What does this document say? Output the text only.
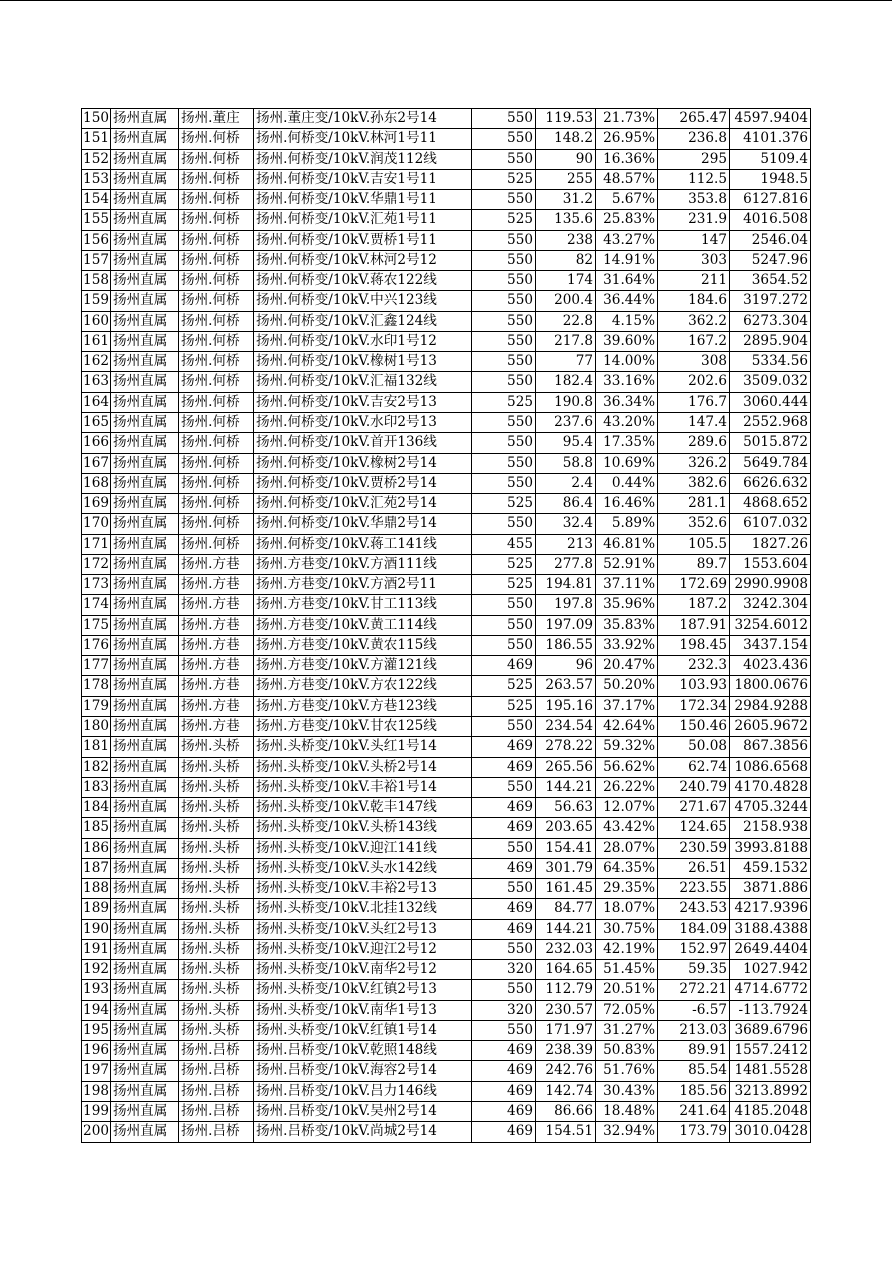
150 扬州直属	扬州.董庄	扬州.董庄变/10kV.孙东2号14	550 119.53 21.73%	265.47 4597.9404
151 扬州直属	扬州.何桥	扬州.何桥变/10kV.林河1号11	550	148.2 26.95%	236.8	4101.376
152 扬州直属	扬州.何桥	扬州.何桥变/10kV.润茂112线	550	90 16.36%	295	5109.4
153 扬州直属	扬州.何桥	扬州.何桥变/10kV.吉安1号11	525	255 48.57%	112.5	1948.5
154 扬州直属	扬州.何桥	扬州.何桥变/10kV.华鼎1号11	550	31.2	5.67%	353.8	6127.816
155 扬州直属	扬州.何桥	扬州.何桥变/10kV.汇苑1号11	525	135.6 25.83%	231.9	4016.508
156 扬州直属	扬州.何桥	扬州.何桥变/10kV.贾桥1号11	550	238 43.27%	147	2546.04
157 扬州直属	扬州.何桥	扬州.何桥变/10kV.林河2号12	550	82 14.91%	303	5247.96
158 扬州直属	扬州.何桥	扬州.何桥变/10kV.蒋农122线	550	174 31.64%	211	3654.52
159 扬州直属	扬州.何桥	扬州.何桥变/10kV.中兴123线	550	200.4 36.44%	184.6	3197.272
160 扬州直属	扬州.何桥	扬州.何桥变/10kV.汇鑫124线	550	22.8	4.15%	362.2	6273.304
161 扬州直属	扬州.何桥	扬州.何桥变/10kV.水印1号12	550	217.8 39.60%	167.2	2895.904
162 扬州直属	扬州.何桥	扬州.何桥变/10kV.橡树1号13	550	77 14.00%	308	5334.56
163 扬州直属	扬州.何桥	扬州.何桥变/10kV.汇福132线	550	182.4 33.16%	202.6	3509.032
164 扬州直属	扬州.何桥	扬州.何桥变/10kV.吉安2号13	525	190.8 36.34%	176.7	3060.444
165 扬州直属	扬州.何桥	扬州.何桥变/10kV.水印2号13	550	237.6 43.20%	147.4	2552.968
166 扬州直属	扬州.何桥	扬州.何桥变/10kV.首开136线	550	95.4 17.35%	289.6	5015.872
167 扬州直属	扬州.何桥	扬州.何桥变/10kV.橡树2号14	550	58.8 10.69%	326.2	5649.784
168 扬州直属	扬州.何桥	扬州.何桥变/10kV.贾桥2号14	550	2.4	0.44%	382.6	6626.632
169 扬州直属	扬州.何桥	扬州.何桥变/10kV.汇苑2号14	525	86.4 16.46%	281.1	4868.652
170 扬州直属	扬州.何桥	扬州.何桥变/10kV.华鼎2号14	550	32.4	5.89%	352.6	6107.032
171 扬州直属	扬州.何桥	扬州.何桥变/10kV.蒋工141线	455	213 46.81%	105.5	1827.26
172 扬州直属	扬州.方巷	扬州.方巷变/10kV.方酒111线	525	277.8 52.91%	89.7	1553.604
173 扬州直属	扬州.方巷	扬州.方巷变/10kV.方酒2号11	525 194.81 37.11%	172.69 2990.9908
174 扬州直属	扬州.方巷	扬州.方巷变/10kV.甘工113线	550	197.8 35.96%	187.2	3242.304
175 扬州直属	扬州.方巷	扬州.方巷变/10kV.黄工114线	550 197.09 35.83%	187.91 3254.6012
176 扬州直属	扬州.方巷	扬州.方巷变/10kV.黄农115线	550 186.55 33.92%	198.45	3437.154
177 扬州直属	扬州.方巷	扬州.方巷变/10kV.方灌121线	469	96 20.47%	232.3	4023.436
178 扬州直属	扬州.方巷	扬州.方巷变/10kV.方农122线	525 263.57 50.20%	103.93 1800.0676
179 扬州直属	扬州.方巷	扬州.方巷变/10kV.方巷123线	525 195.16 37.17%	172.34 2984.9288
180 扬州直属	扬州.方巷	扬州.方巷变/10kV.甘农125线	550 234.54 42.64%	150.46 2605.9672
181 扬州直属	扬州.头桥	扬州.头桥变/10kV.头红1号14	469 278.22 59.32%	50.08	867.3856
182 扬州直属	扬州.头桥	扬州.头桥变/10kV.头桥2号14	469 265.56 56.62%	62.74 1086.6568
183 扬州直属	扬州.头桥	扬州.头桥变/10kV.丰裕1号14	550 144.21 26.22%	240.79 4170.4828
184 扬州直属	扬州.头桥	扬州.头桥变/10kV.乾丰147线	469	56.63 12.07%	271.67 4705.3244
185 扬州直属	扬州.头桥	扬州.头桥变/10kV.头桥143线	469 203.65 43.42%	124.65	2158.938
186 扬州直属	扬州.头桥	扬州.头桥变/10kV.迎江141线	550 154.41 28.07%	230.59 3993.8188
187 扬州直属	扬州.头桥	扬州.头桥变/10kV.头水142线	469 301.79 64.35%	26.51	459.1532
188 扬州直属	扬州.头桥	扬州.头桥变/10kV.丰裕2号13	550 161.45 29.35%	223.55	3871.886
189 扬州直属	扬州.头桥	扬州.头桥变/10kV.北挂132线	469	84.77 18.07%	243.53 4217.9396
190 扬州直属	扬州.头桥	扬州.头桥变/10kV.头红2号13	469 144.21 30.75%	184.09 3188.4388
191 扬州直属	扬州.头桥	扬州.头桥变/10kV.迎江2号12	550 232.03 42.19%	152.97 2649.4404
192 扬州直属	扬州.头桥	扬州.头桥变/10kV.南华2号12	320 164.65 51.45%	59.35	1027.942
193 扬州直属	扬州.头桥	扬州.头桥变/10kV.红镇2号13	550 112.79 20.51%	272.21 4714.6772
194 扬州直属	扬州.头桥	扬州.头桥变/10kV.南华1号13	320 230.57 72.05%	-6.57 -113.7924
195 扬州直属	扬州.头桥	扬州.头桥变/10kV.红镇1号14	550 171.97 31.27%	213.03 3689.6796
196 扬州直属	扬州.吕桥	扬州.吕桥变/10kV.乾照148线	469 238.39 50.83%	89.91 1557.2412
197 扬州直属	扬州.吕桥	扬州.吕桥变/10kV.海容2号14	469 242.76 51.76%	85.54 1481.5528
198 扬州直属	扬州.吕桥	扬州.吕桥变/10kV.吕力146线	469 142.74 30.43%	185.56 3213.8992
199 扬州直属	扬州.吕桥	扬州.吕桥变/10kV.吴州2号14	469	86.66 18.48%	241.64 4185.2048
200 扬州直属	扬州.吕桥	扬州.吕桥变/10kV.尚城2号14	469 154.51 32.94%	173.79 3010.0428
